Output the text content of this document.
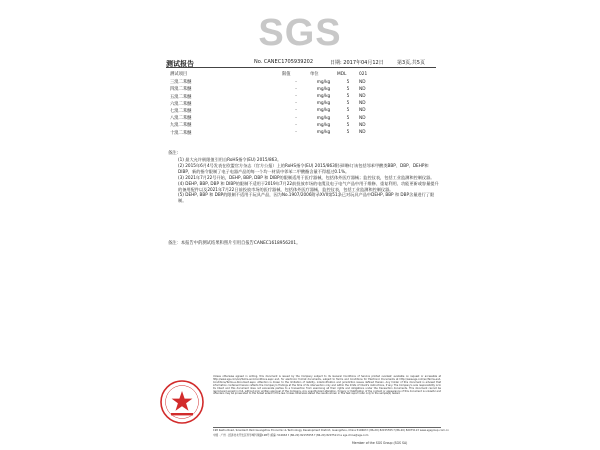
SGS
测试报告	No. CANEC1705939202	日期: 2017年04月12日	第3页,共5页
测试项目	限值	单位	MDL	021
三溴二苯醚	-	mg/kg	5	ND
四溴二苯醚	-	mg/kg	5	ND
五溴二苯醚	-	mg/kg	5	ND
六溴二苯醚	-	mg/kg	5	ND
七溴二苯醚	-	mg/kg	5	ND
八溴二苯醚	-	mg/kg	5	ND
九溴二苯醚	-	mg/kg	5	ND
十溴二苯醚	-	mg/kg	5	ND
备注:

(1) 最大允许极限值引用自RoHS指令(EU) 2015/863。

(2) 2015年6月4号发表在欧盟官方杂志（官方公报）上的RoHS指令(EU) 2015/863附录II修订该包括邻苯甲酸类BBP、DBP、DEHP和DIBP，新的指令限制了电子电器产品的每一个均一材质中邻苯二甲酸酯含量不得超过0.1%。

(3) 2021年7月22号开始，DEHP, BBP, DBP 和 DIBP的限制适用于医疗器械，包括体外医疗器械；监控仪表，包括工业监测和控制仪器。

(4) DEHP, BBP, DBP 和 DIBP的限制不适用于2019年7月22前投放市场的电缆及电子电气产品中用于维修、重复利用、功能更新或容量提升的备用配件以及2021年7月22日前投放市场的医疗器械，包括体外医疗器械，监控仪表，包括工业监测和控制仪器。

(5) DEHP, BBP 和 DBP的限制不适用于玩具产品，因为No.1907/2006附录XVII第51条已对玩具产品中DEHP, BBP 和 DBP含量进行了限制。

备注：本报告中的测试结果和照片引用自报告CANEC1618956201。
Unless otherwise agreed in writing, this document is issued by the Company subject to its General Conditions of Service printed overleaf, available on request or accessible at http://www.sgs.com/en/Terms-and-Conditions.aspx and, for electronic format documents, subject to Terms and Conditions for Electronic Documents at http://www.sgs.com/en/Terms-and-Conditions/Terms-e-Document.aspx. Attention is drawn to the limitation of liability, indemnification and jurisdiction issues defined therein. Any holder of this document is advised that information contained hereon reflects the Company's findings at the time of its intervention only and within the limits of Client's instructions, if any. The Company's sole responsibility is to its Client and this document does not exonerate parties to a transaction from exercising all their rights and obligations under the transaction documents. This document cannot be reproduced except in full, without prior written approval of the Company. Any unauthorized alteration, forgery or falsification of the content or appearance of this document is unlawful and offenders may be prosecuted to the fullest extent of the law. Unless otherwise stated the results shown in this test report refer only to the sample(s) tested.
198 Kezhu Road, Scientech Park Guangzhou Economic & Technology Development District, Guangzhou, China 510663 t (86-20) 82155555 f (86-20) 82075113 www.sgsgroup.com.cn
中国 · 广州 · 经济技术开发区科学城科珠路198号 邮编: 510663 t (86-20) 82155555 f (86-20) 82075113 e sgs.china@sgs.com
Member of the SGS Group (SGS SA)
